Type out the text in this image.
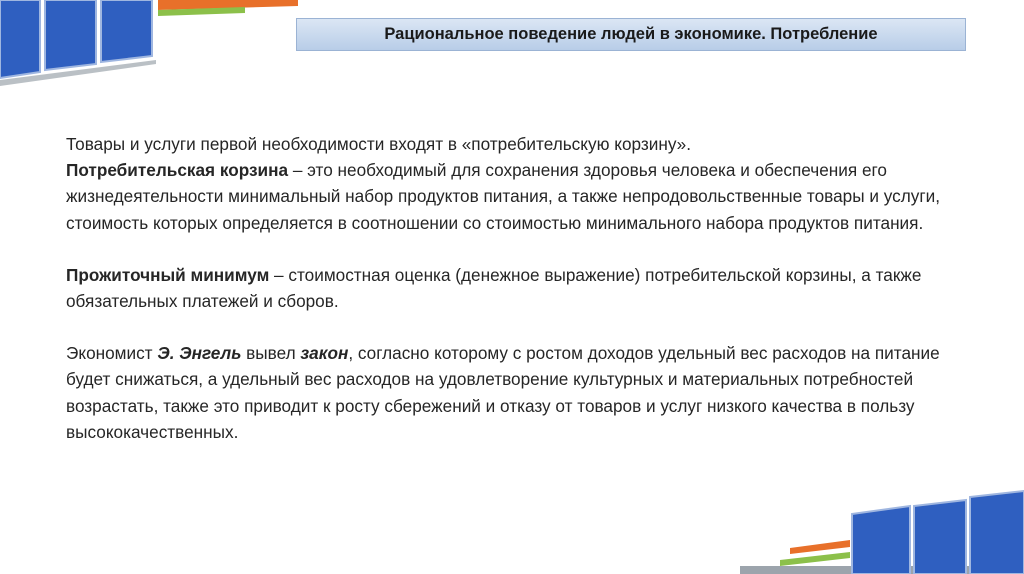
Рациональное поведение людей в экономике. Потребление

Товары и услуги первой необходимости входят в «потребительскую корзину».
Потребительская корзина – это необходимый для сохранения здоровья человека и обеспечения его жизнедеятельности минимальный набор продуктов питания, а также непродовольственные товары и услуги, стоимость которых определяется в соотношении со стоимостью минимального набора продуктов питания.

Прожиточный минимум – стоимостная оценка (денежное выражение) потребительской корзины, а также обязательных платежей и сборов.

Экономист Э. Энгель вывел закон, согласно которому с ростом доходов удельный вес расходов на питание будет снижаться, а удельный вес расходов на удовлетворение культурных и материальных потребностей возрастать, также это приводит к росту сбережений и отказу от товаров и услуг низкого качества в пользу высококачественных.
